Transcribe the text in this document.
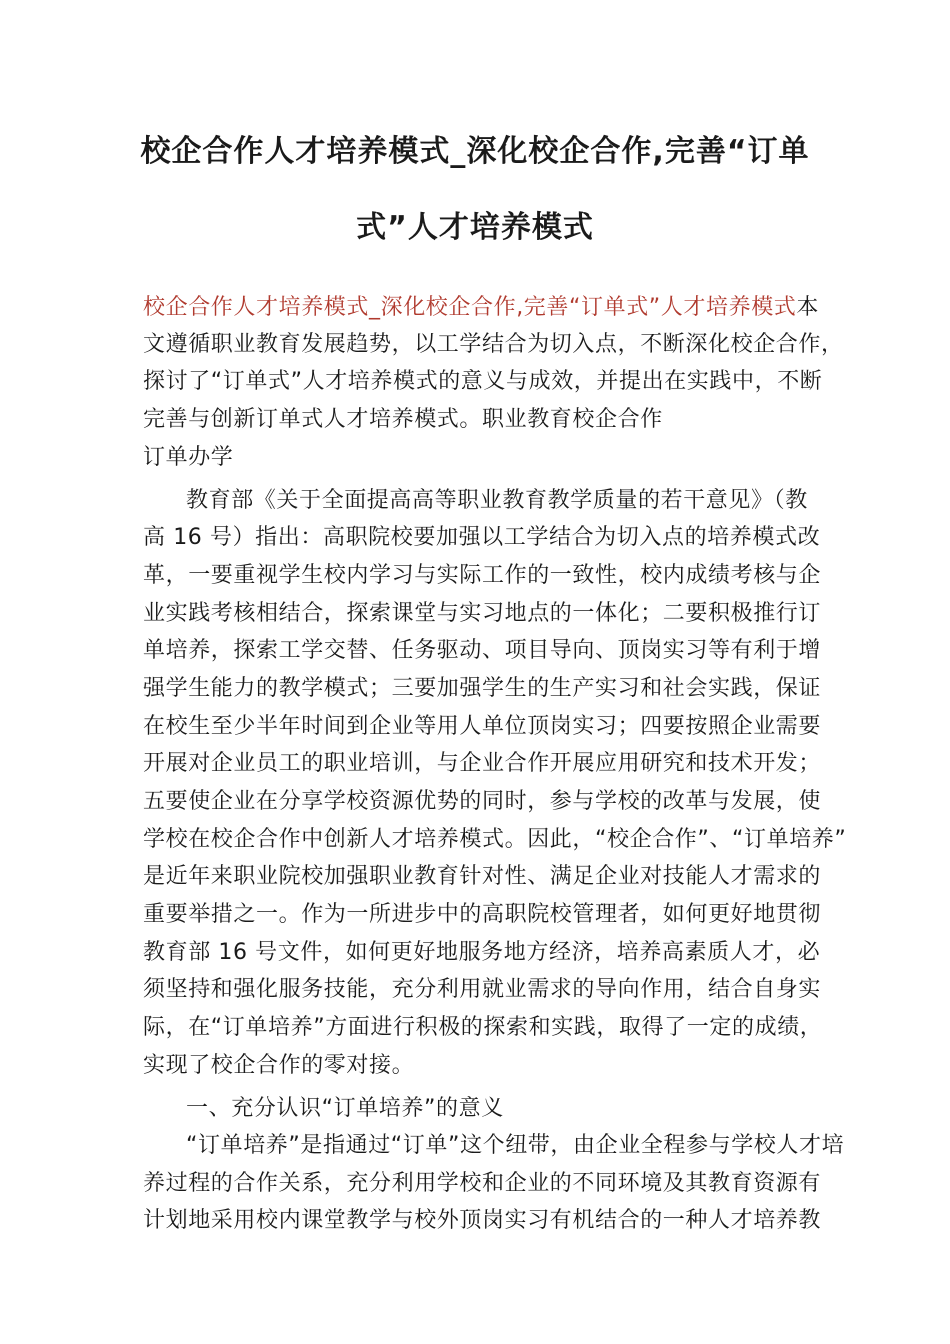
校企合作人才培养模式_深化校企合作,完善“订单
式”人才培养模式

校企合作人才培养模式_深化校企合作,完善“订单式”人才培养模式本

文遵循职业教育发展趋势，以工学结合为切入点，不断深化校企合作，

探讨了“订单式”人才培养模式的意义与成效，并提出在实践中，不断

完善与创新订单式人才培养模式。职业教育校企合作

订单办学

教育部《关于全面提高高等职业教育教学质量的若干意见》（教

高 16 号）指出：高职院校要加强以工学结合为切入点的培养模式改

革，一要重视学生校内学习与实际工作的一致性，校内成绩考核与企

业实践考核相结合，探索课堂与实习地点的一体化；二要积极推行订

单培养，探索工学交替、任务驱动、项目导向、顶岗实习等有利于增

强学生能力的教学模式；三要加强学生的生产实习和社会实践，保证

在校生至少半年时间到企业等用人单位顶岗实习；四要按照企业需要

开展对企业员工的职业培训，与企业合作开展应用研究和技术开发；

五要使企业在分享学校资源优势的同时，参与学校的改革与发展，使

学校在校企合作中创新人才培养模式。因此，“校企合作”、“订单培养”

是近年来职业院校加强职业教育针对性、满足企业对技能人才需求的

重要举措之一。作为一所进步中的高职院校管理者，如何更好地贯彻

教育部 16 号文件，如何更好地服务地方经济，培养高素质人才，必

须坚持和强化服务技能，充分利用就业需求的导向作用，结合自身实

际，在“订单培养”方面进行积极的探索和实践，取得了一定的成绩，

实现了校企合作的零对接。

一、充分认识“订单培养”的意义

“订单培养”是指通过“订单”这个纽带，由企业全程参与学校人才培

养过程的合作关系，充分利用学校和企业的不同环境及其教育资源有

计划地采用校内课堂教学与校外顶岗实习有机结合的一种人才培养教
